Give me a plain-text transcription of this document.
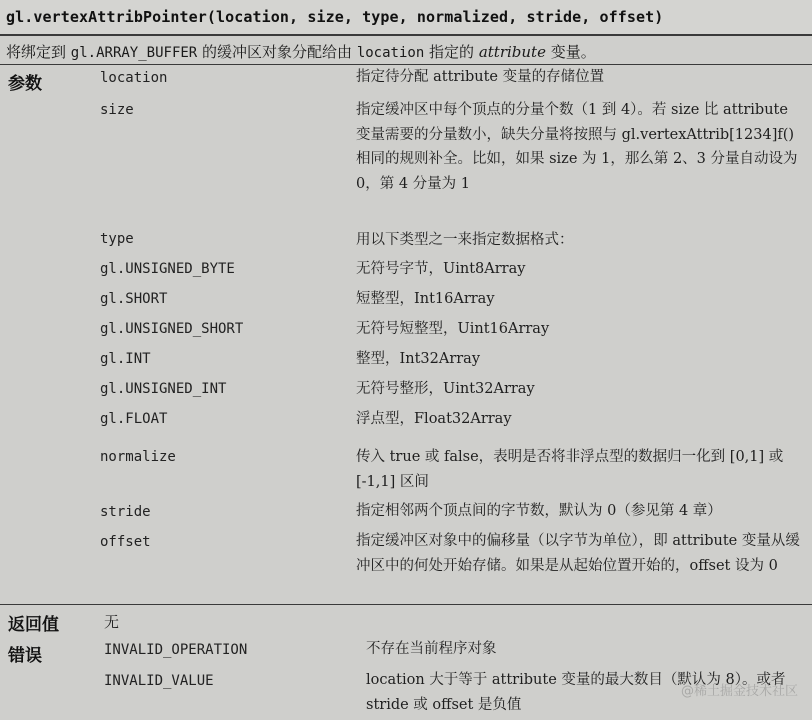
gl.vertexAttribPointer(location, size, type, normalized, stride, offset)
将绑定到 gl.ARRAY_BUFFER 的缓冲区对象分配给由 location 指定的 attribute 变量。
参数	location	指定待分配 attribute 变量的存储位置
size	指定缓冲区中每个顶点的分量个数（1 到 4）。若 size 比 attribute 变量需要的分量数小，缺失分量将按照与 gl.vertexAttrib[1234]f() 相同的规则补全。比如，如果 size 为 1，那么第 2、3 分量自动设为 0，第 4 分量为 1
type	用以下类型之一来指定数据格式：
gl.UNSIGNED_BYTE	无符号字节，Uint8Array
gl.SHORT	短整型，Int16Array
gl.UNSIGNED_SHORT	无符号短整型，Uint16Array
gl.INT	整型，Int32Array
gl.UNSIGNED_INT	无符号整形，Uint32Array
gl.FLOAT	浮点型，Float32Array
normalize	传入 true 或 false，表明是否将非浮点型的数据归一化到 [0,1] 或 [-1,1] 区间
stride	指定相邻两个顶点间的字节数，默认为 0（参见第 4 章）
offset	指定缓冲区对象中的偏移量（以字节为单位），即 attribute 变量从缓冲区中的何处开始存储。如果是从起始位置开始的，offset 设为 0
返回值	无
错误	INVALID_OPERATION	不存在当前程序对象
INVALID_VALUE	location 大于等于 attribute 变量的最大数目（默认为 8）。或者 stride 或 offset 是负值
@稀土掘金技术社区
